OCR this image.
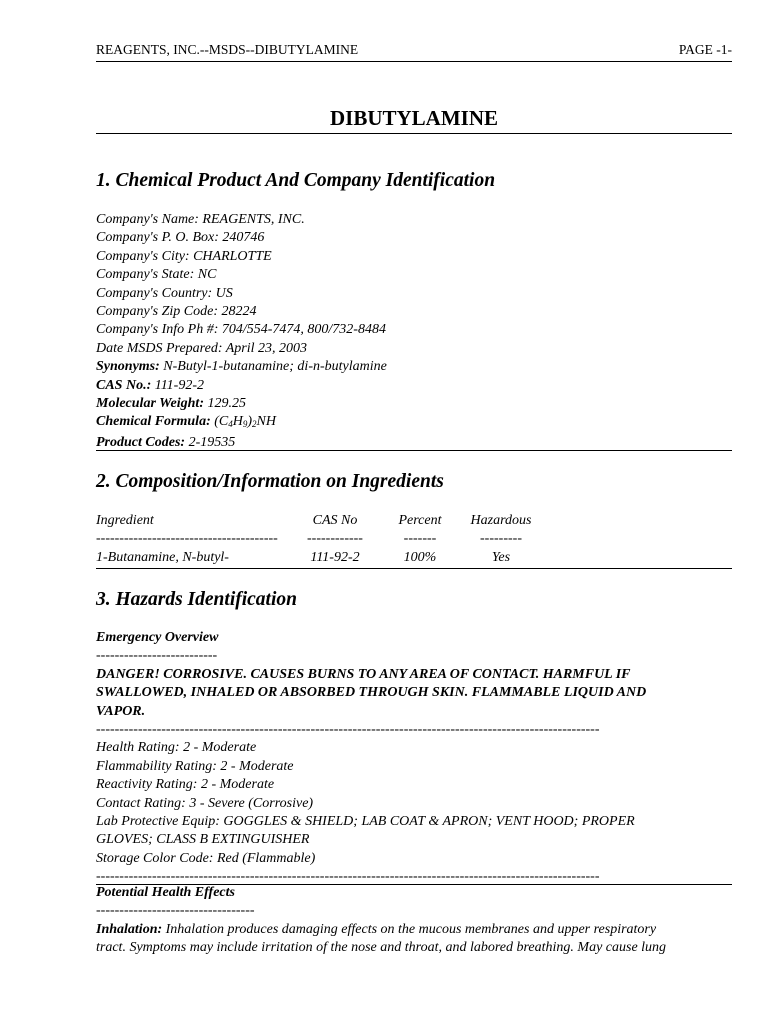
REAGENTS, INC.--MSDS--DIBUTYLAMINE	PAGE -1-
DIBUTYLAMINE
1. Chemical Product And Company Identification
Company's Name: REAGENTS, INC.
Company's P. O. Box: 240746
Company's City: CHARLOTTE
Company's State: NC
Company's Country: US
Company's Zip Code: 28224
Company's Info Ph #: 704/554-7474, 800/732-8484
Date MSDS Prepared: April 23, 2003
Synonyms: N-Butyl-1-butanamine; di-n-butylamine
CAS No.: 111-92-2
Molecular Weight: 129.25
Chemical Formula: $(C_4H_9)_2NH$
Product Codes: 2-19535
2. Composition/Information on Ingredients
Ingredient	CAS No	Percent	Hazardous
--------------------------------------- ------------	-------	---------
1-Butanamine, N-butyl-	111-92-2	100%	Yes
3. Hazards Identification
Emergency Overview
--------------------------
DANGER! CORROSIVE. CAUSES BURNS TO ANY AREA OF CONTACT. HARMFUL IF
SWALLOWED, INHALED OR ABSORBED THROUGH SKIN. FLAMMABLE LIQUID AND
VAPOR.
------------------------------------------------------------------------------------------------------------
Health Rating: 2 - Moderate
Flammability Rating: 2 - Moderate
Reactivity Rating: 2 - Moderate
Contact Rating: 3 - Severe (Corrosive)
Lab Protective Equip: GOGGLES & SHIELD; LAB COAT & APRON; VENT HOOD; PROPER
GLOVES; CLASS B EXTINGUISHER
Storage Color Code: Red (Flammable)
------------------------------------------------------------------------------------------------------------
Potential Health Effects
----------------------------------
Inhalation: Inhalation produces damaging effects on the mucous membranes and upper respiratory
tract. Symptoms may include irritation of the nose and throat, and labored breathing. May cause lung
